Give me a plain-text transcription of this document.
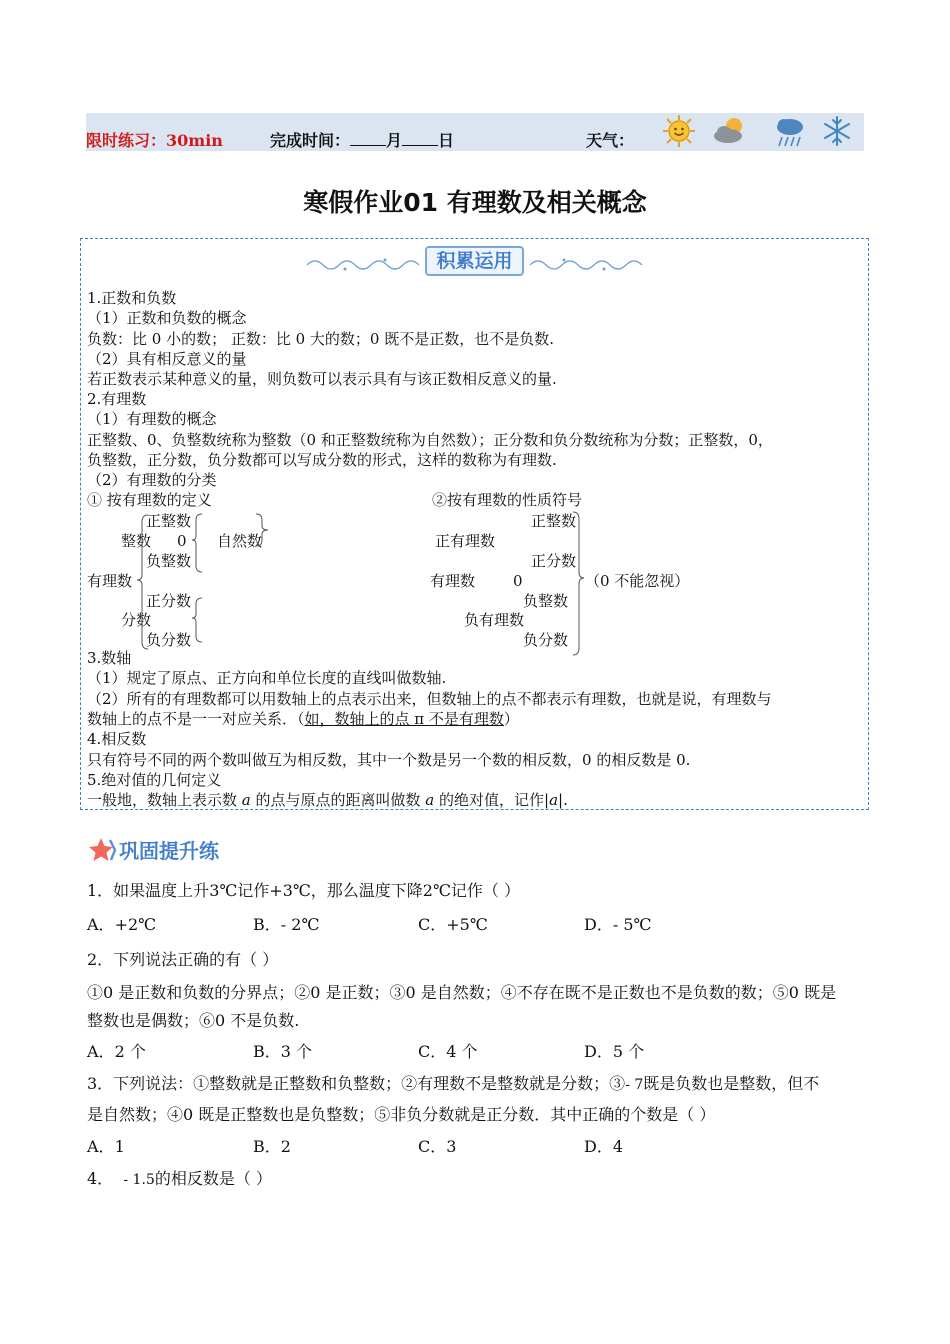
限时练习：30min	完成时间： 月 日	天气：
寒假作业01 有理数及相关概念
积累运用
1.正数和负数
（1）正数和负数的概念
负数：比 0 小的数； 正数：比 0 大的数；0 既不是正数，也不是负数.
（2）具有相反意义的量
若正数表示某种意义的量，则负数可以表示具有与该正数相反意义的量.
2.有理数
（1）有理数的概念
正整数、0、负整数统称为整数（0 和正整数统称为自然数）；正分数和负分数统称为分数；正整数，0，
负整数，正分数，负分数都可以写成分数的形式，这样的数称为有理数.
（2）有理数的分类
① 按有理数的定义
正整数
整数 0 自然数
负整数
有理数
正分数
分数
负分数
②按有理数的性质符号
正整数
正有理数
正分数
有理数	0	（0 不能忽视）
负整数
负有理数
负分数
3.数轴
（1）规定了原点、正方向和单位长度的直线叫做数轴.
（2）所有的有理数都可以用数轴上的点表示出来，但数轴上的点不都表示有理数，也就是说，有理数与
数轴上的点不是一一对应关系．（如，数轴上的点 π 不是有理数）
4.相反数
只有符号不同的两个数叫做互为相反数，其中一个数是另一个数的相反数，0 的相反数是 0.
5.绝对值的几何定义
一般地，数轴上表示数 a 的点与原点的距离叫做数 a 的绝对值，记作|a|.
巩固提升练
1．如果温度上升3℃记作+3℃，那么温度下降2℃记作（ ）
A．+2℃	B．- 2℃	C．+5℃	D．- 5℃
2．下列说法正确的有（ ）
①0 是正数和负数的分界点；②0 是正数；③0 是自然数；④不存在既不是正数也不是负数的数；⑤0 既是
整数也是偶数；⑥0 不是负数.
A．2 个	B．3 个	C．4 个	D．5 个
3．下列说法：①整数就是正整数和负整数；②有理数不是整数就是分数；③- 7既是负数也是整数，但不
是自然数；④0 既是正整数也是负整数；⑤非负分数就是正分数．其中正确的个数是（ ）
A．1	B．2	C．3	D．4
4． - 1.5的相反数是（ ）
